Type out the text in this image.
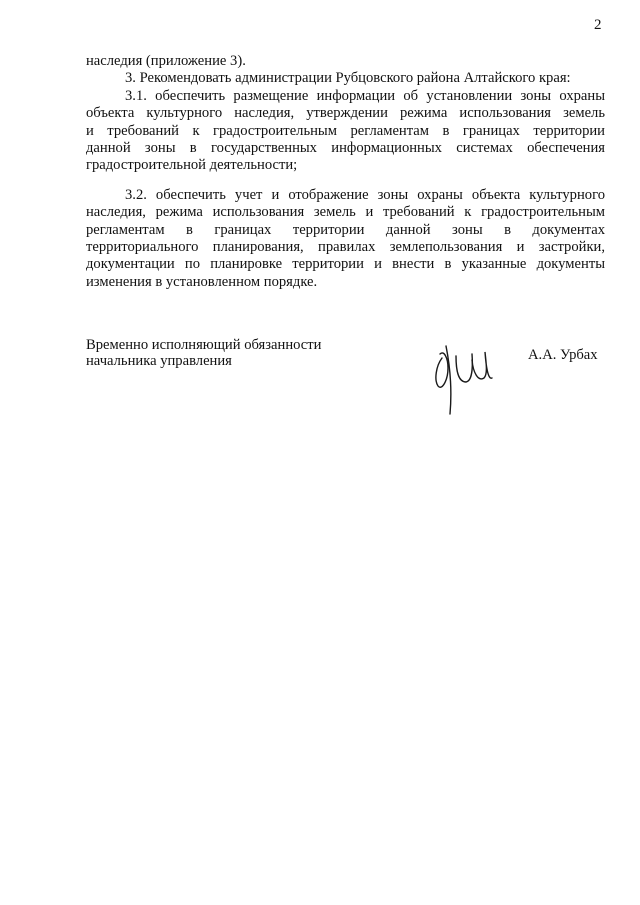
2
наследия (приложение 3).
3. Рекомендовать администрации Рубцовского района Алтайского края:
3.1. обеспечить размещение информации об установлении зоны охраны
объекта культурного наследия, утверждении режима использования земель
и требований к градостроительным регламентам в границах территории
данной зоны в государственных информационных системах обеспечения
градостроительной деятельности;
3.2. обеспечить учет и отображение зоны охраны объекта культурного
наследия, режима использования земель и требований к градостроительным
регламентам в границах территории данной зоны в документах
территориального планирования, правилах землепользования и застройки,
документации по планировке территории и внести в указанные документы
изменения в установленном порядке.
Временно исполняющий обязанности
начальника управления	А.А. Урбах
